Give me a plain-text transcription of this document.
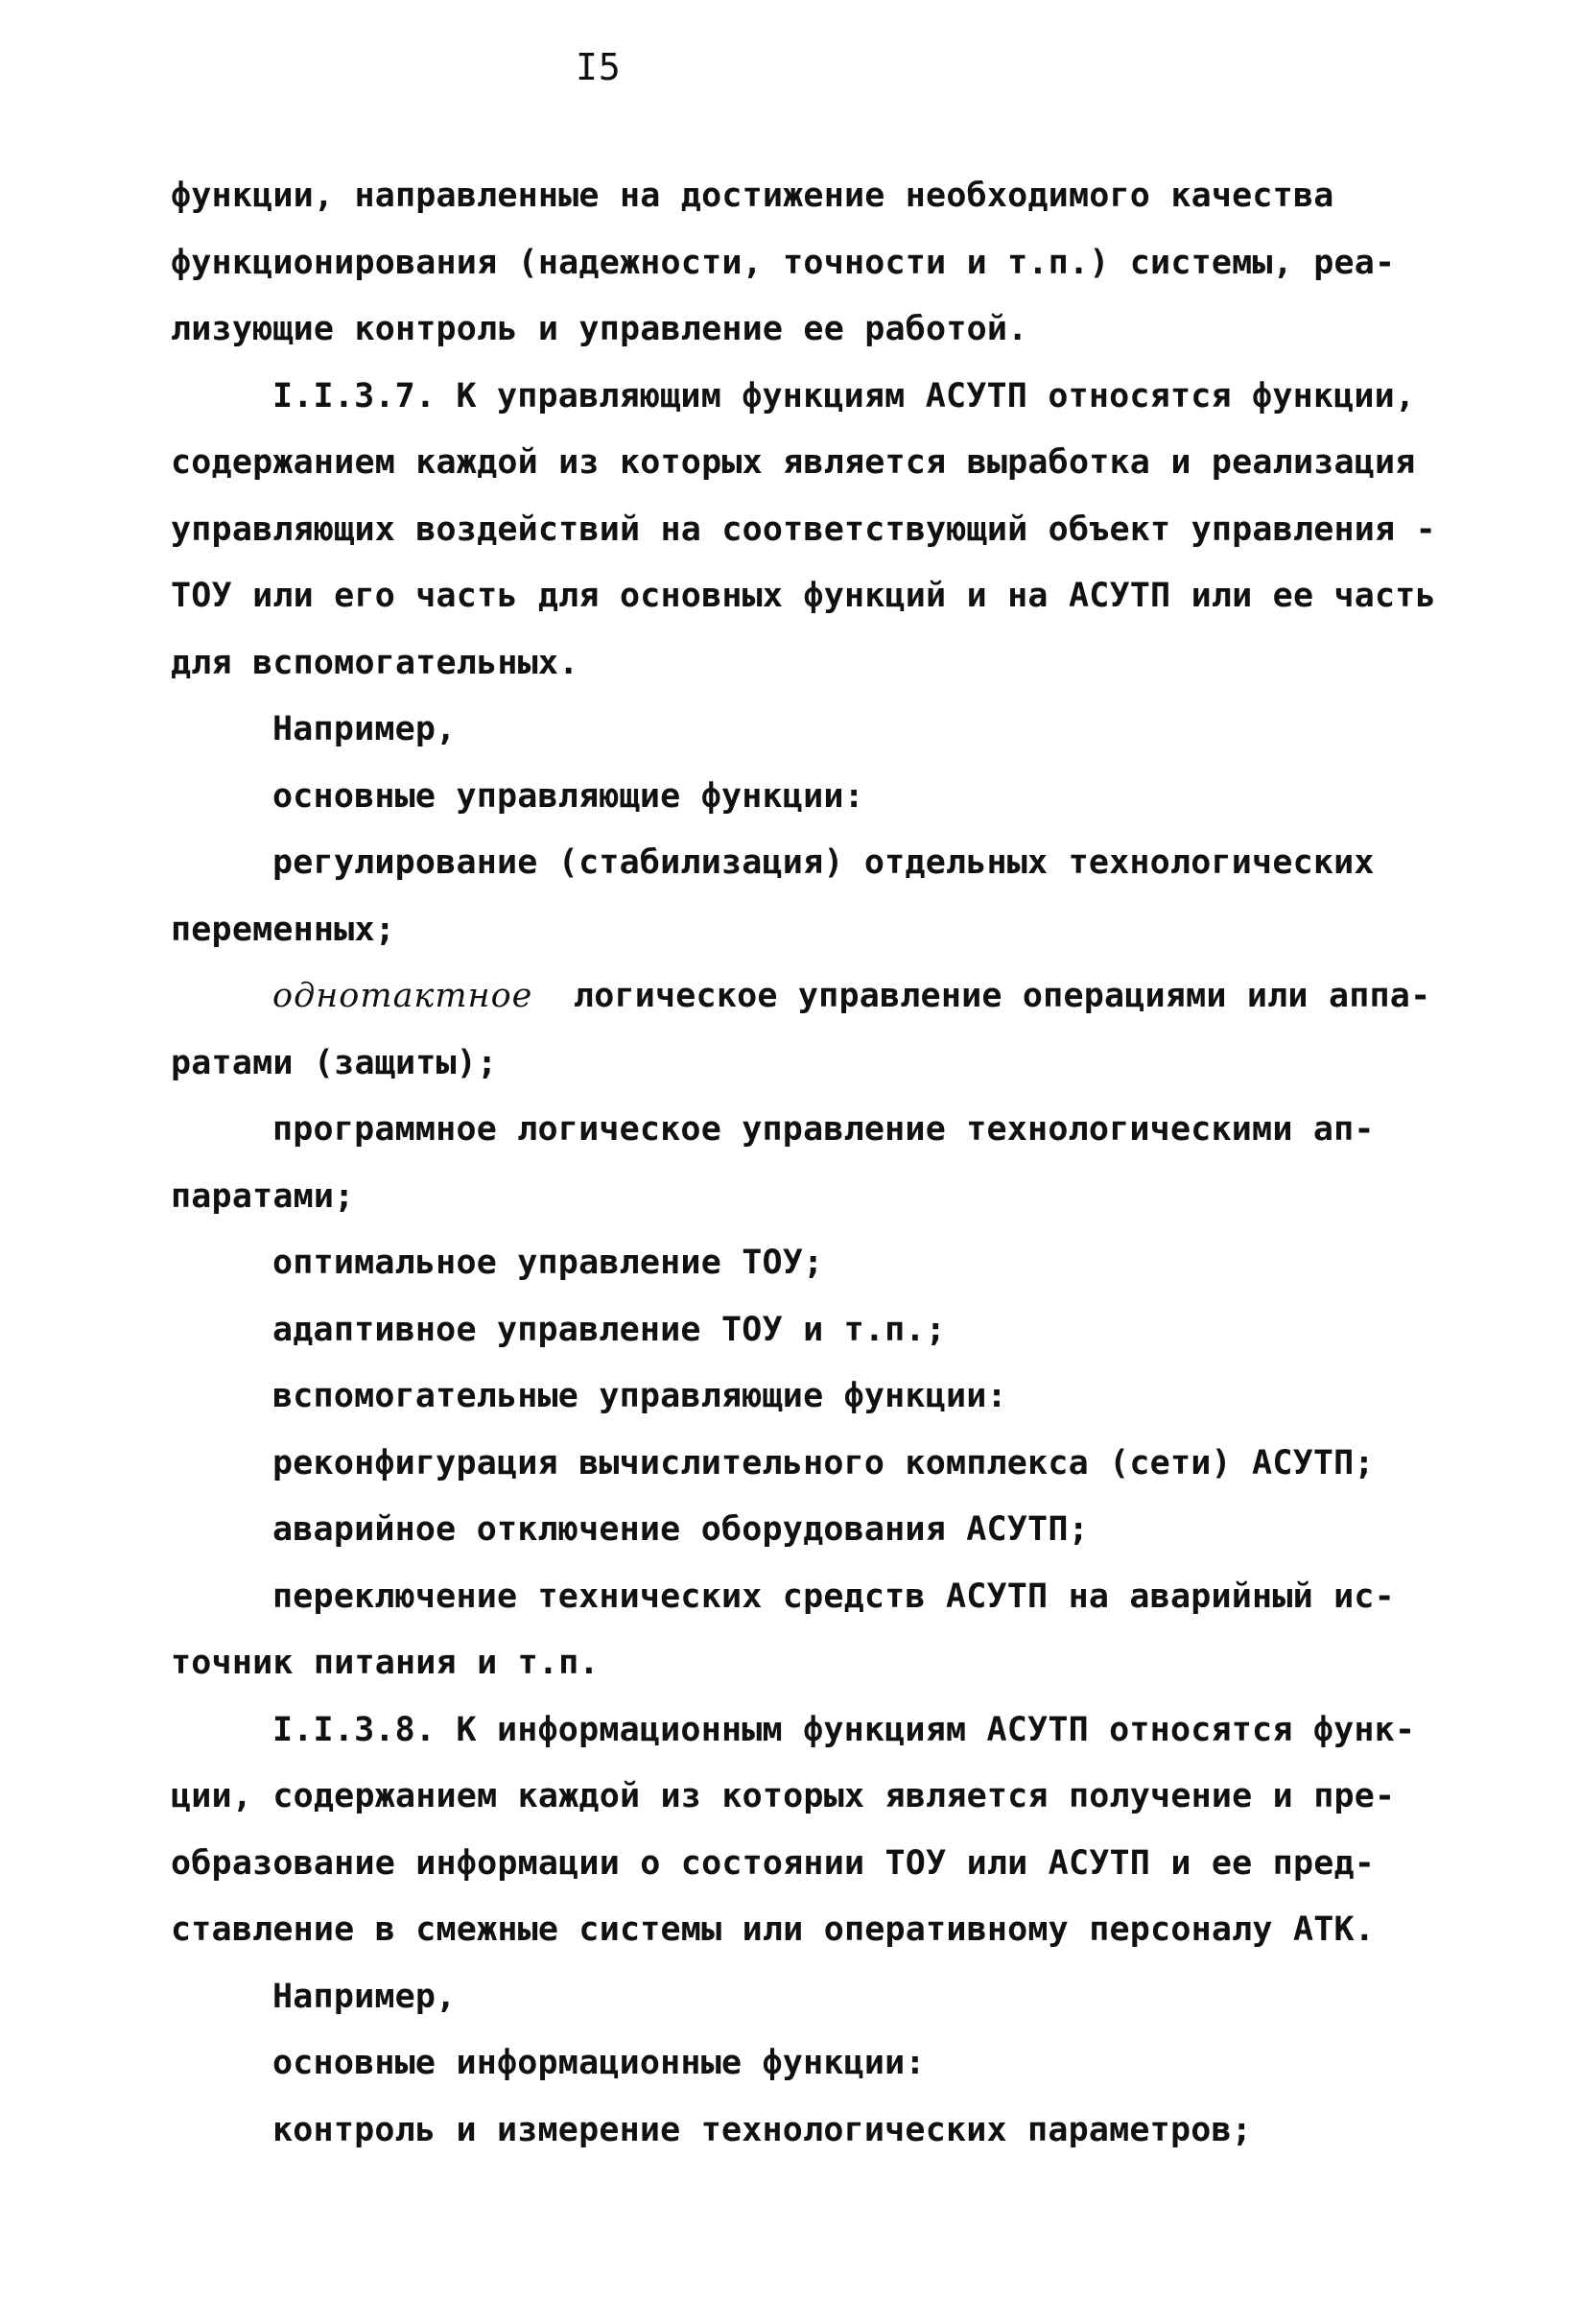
I5
функции, направленные на достижение необходимого качества
функционирования (надежности, точности и т.п.) системы, реа-
лизующие контроль и управление ее работой.
I.I.3.7. К управляющим функциям АСУТП относятся функции,
содержанием каждой из которых является выработка и реализация
управляющих воздействий на соответствующий объект управления -
ТОУ или его часть для основных функций и на АСУТП или ее часть
для вспомогательных.
Например,
основные управляющие функции:
регулирование (стабилизация) отдельных технологических
переменных;
однотактное логическое управление операциями или аппа-
ратами (защиты);
программное логическое управление технологическими ап-
паратами;
оптимальное управление ТОУ;
адаптивное управление ТОУ и т.п.;
вспомогательные управляющие функции:
реконфигурация вычислительного комплекса (сети) АСУТП;
аварийное отключение оборудования АСУТП;
переключение технических средств АСУТП на аварийный ис-
точник питания и т.п.
I.I.3.8. К информационным функциям АСУТП относятся функ-
ции, содержанием каждой из которых является получение и пре-
образование информации о состоянии ТОУ или АСУТП и ее пред-
ставление в смежные системы или оперативному персоналу АТК.
Например,
основные информационные функции:
контроль и измерение технологических параметров;
